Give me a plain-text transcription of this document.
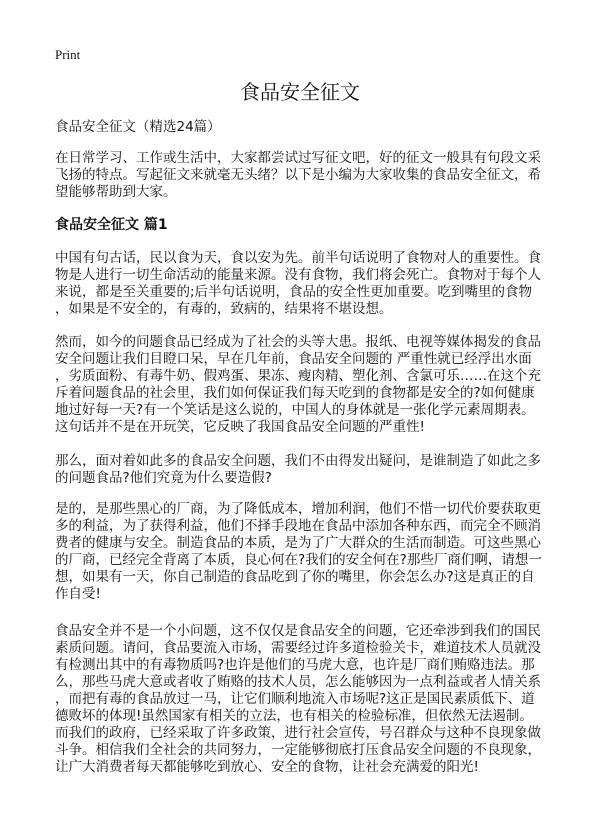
Print
食品安全征文
食品安全征文（精选24篇）
在日常学习、工作或生活中，大家都尝试过写征文吧，好的征文一般具有句段文采
飞扬的特点。写起征文来就毫无头绪？以下是小编为大家收集的食品安全征文，希
望能够帮助到大家。
食品安全征文 篇1
中国有句古话，民以食为天，食以安为先。前半句话说明了食物对人的重要性。食
物是人进行一切生命活动的能量来源。没有食物，我们将会死亡。食物对于每个人
来说，都是至关重要的;后半句话说明，食品的安全性更加重要。吃到嘴里的食物
，如果是不安全的，有毒的，致病的，结果将不堪设想。
然而，如今的问题食品已经成为了社会的头等大患。报纸、电视等媒体揭发的食品
安全问题让我们目瞪口呆，早在几年前，食品安全问题的 严重性就已经浮出水面
，劣质面粉、有毒牛奶、假鸡蛋、果冻、瘦肉精、塑化剂、含氯可乐……在这个充
斥着问题食品的社会里，我们如何保证我们每天吃到的食物都是安全的?如何健康
地过好每一天?有一个笑话是这么说的，中国人的身体就是一张化学元素周期表。
这句话并不是在开玩笑，它反映了我国食品安全问题的严重性!
那么，面对着如此多的食品安全问题，我们不由得发出疑问，是谁制造了如此之多
的问题食品?他们究竟为什么要造假?
是的，是那些黑心的厂商，为了降低成本，增加利润，他们不惜一切代价要获取更
多的利益，为了获得利益，他们不择手段地在食品中添加各种东西，而完全不顾消
费者的健康与安全。制造食品的本质，是为了广大群众的生活而制造。可这些黑心
的厂商，已经完全背离了本质，良心何在?我们的安全何在?那些厂商们啊，请想一
想，如果有一天，你自己制造的食品吃到了你的嘴里，你会怎么办?这是真正的自
作自受!
食品安全并不是一个小问题，这不仅仅是食品安全的问题，它还牵涉到我们的国民
素质问题。请问，食品要流入市场，需要经过许多道检验关卡，难道技术人员就没
有检测出其中的有毒物质吗?也许是他们的马虎大意，也许是厂商们贿赂违法。那
么，那些马虎大意或者收了贿赂的技术人员，怎么能够因为一点利益或者人情关系
，而把有毒的食品放过一马，让它们顺利地流入市场呢?这正是国民素质低下、道
德败坏的体现!虽然国家有相关的立法，也有相关的检验标准，但依然无法遏制。
而我们的政府，已经采取了许多政策，进行社会宣传，号召群众与这种不良现象做
斗争。相信我们全社会的共同努力，一定能够彻底打压食品安全问题的不良现象，
让广大消费者每天都能够吃到放心、安全的食物，让社会充满爱的阳光!
